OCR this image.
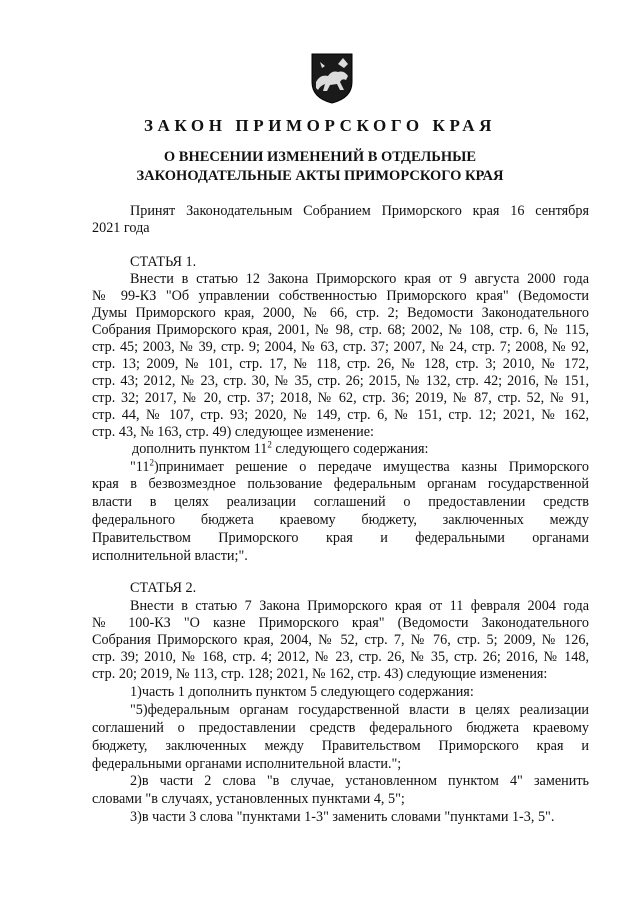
ЗАКОН ПРИМОРСКОГО КРАЯ
О ВНЕСЕНИИ ИЗМЕНЕНИЙ В ОТДЕЛЬНЫЕ
ЗАКОНОДАТЕЛЬНЫЕ АКТЫ ПРИМОРСКОГО КРАЯ
Принят Законодательным Собранием Приморского края 16 сентября
2021 года
СТАТЬЯ 1.
Внести в статью 12 Закона Приморского края от 9 августа 2000 года
№ 99-КЗ "Об управлении собственностью Приморского края" (Ведомости
Думы Приморского края, 2000, № 66, стр. 2; Ведомости Законодательного
Собрания Приморского края, 2001, № 98, стр. 68; 2002, № 108, стр. 6, № 115,
стр. 45; 2003, № 39, стр. 9; 2004, № 63, стр. 37; 2007, № 24, стр. 7; 2008, № 92,
стр. 13; 2009, № 101, стр. 17, № 118, стр. 26, № 128, стр. 3; 2010, № 172,
стр. 43; 2012, № 23, стр. 30, № 35, стр. 26; 2015, № 132, стр. 42; 2016, № 151,
стр. 32; 2017, № 20, стр. 37; 2018, № 62, стр. 36; 2019, № 87, стр. 52, № 91,
стр. 44, № 107, стр. 93; 2020, № 149, стр. 6, № 151, стр. 12; 2021, № 162,
стр. 43, № 163, стр. 49) следующее изменение:
дополнить пунктом $11^2$ следующего содержания:
"$11^2)принимает$ решение о передаче имущества казны Приморского
края в безвозмездное пользование федеральным органам государственной
власти в целях реализации соглашений о предоставлении средств
федерального бюджета краевому бюджету, заключенных между
Правительством Приморского края и федеральными органами
исполнительной власти;".
СТАТЬЯ 2.
Внести в статью 7 Закона Приморского края от 11 февраля 2004 года
№ 100-КЗ "О казне Приморского края" (Ведомости Законодательного
Собрания Приморского края, 2004, № 52, стр. 7, № 76, стр. 5; 2009, № 126,
стр. 39; 2010, № 168, стр. 4; 2012, № 23, стр. 26, № 35, стр. 26; 2016, № 148,
стр. 20; 2019, № 113, стр. 128; 2021, № 162, стр. 43) следующие изменения:
1)часть 1 дополнить пунктом 5 следующего содержания:
"5)федеральным органам государственной власти в целях реализации
соглашений о предоставлении средств федерального бюджета краевому
бюджету, заключенных между Правительством Приморского края и
федеральными органами исполнительной власти.";
2)в части 2 слова "в случае, установленном пунктом 4" заменить
словами "в случаях, установленных пунктами 4, 5";
3)в части 3 слова "пунктами 1-3" заменить словами "пунктами 1-3, 5".
